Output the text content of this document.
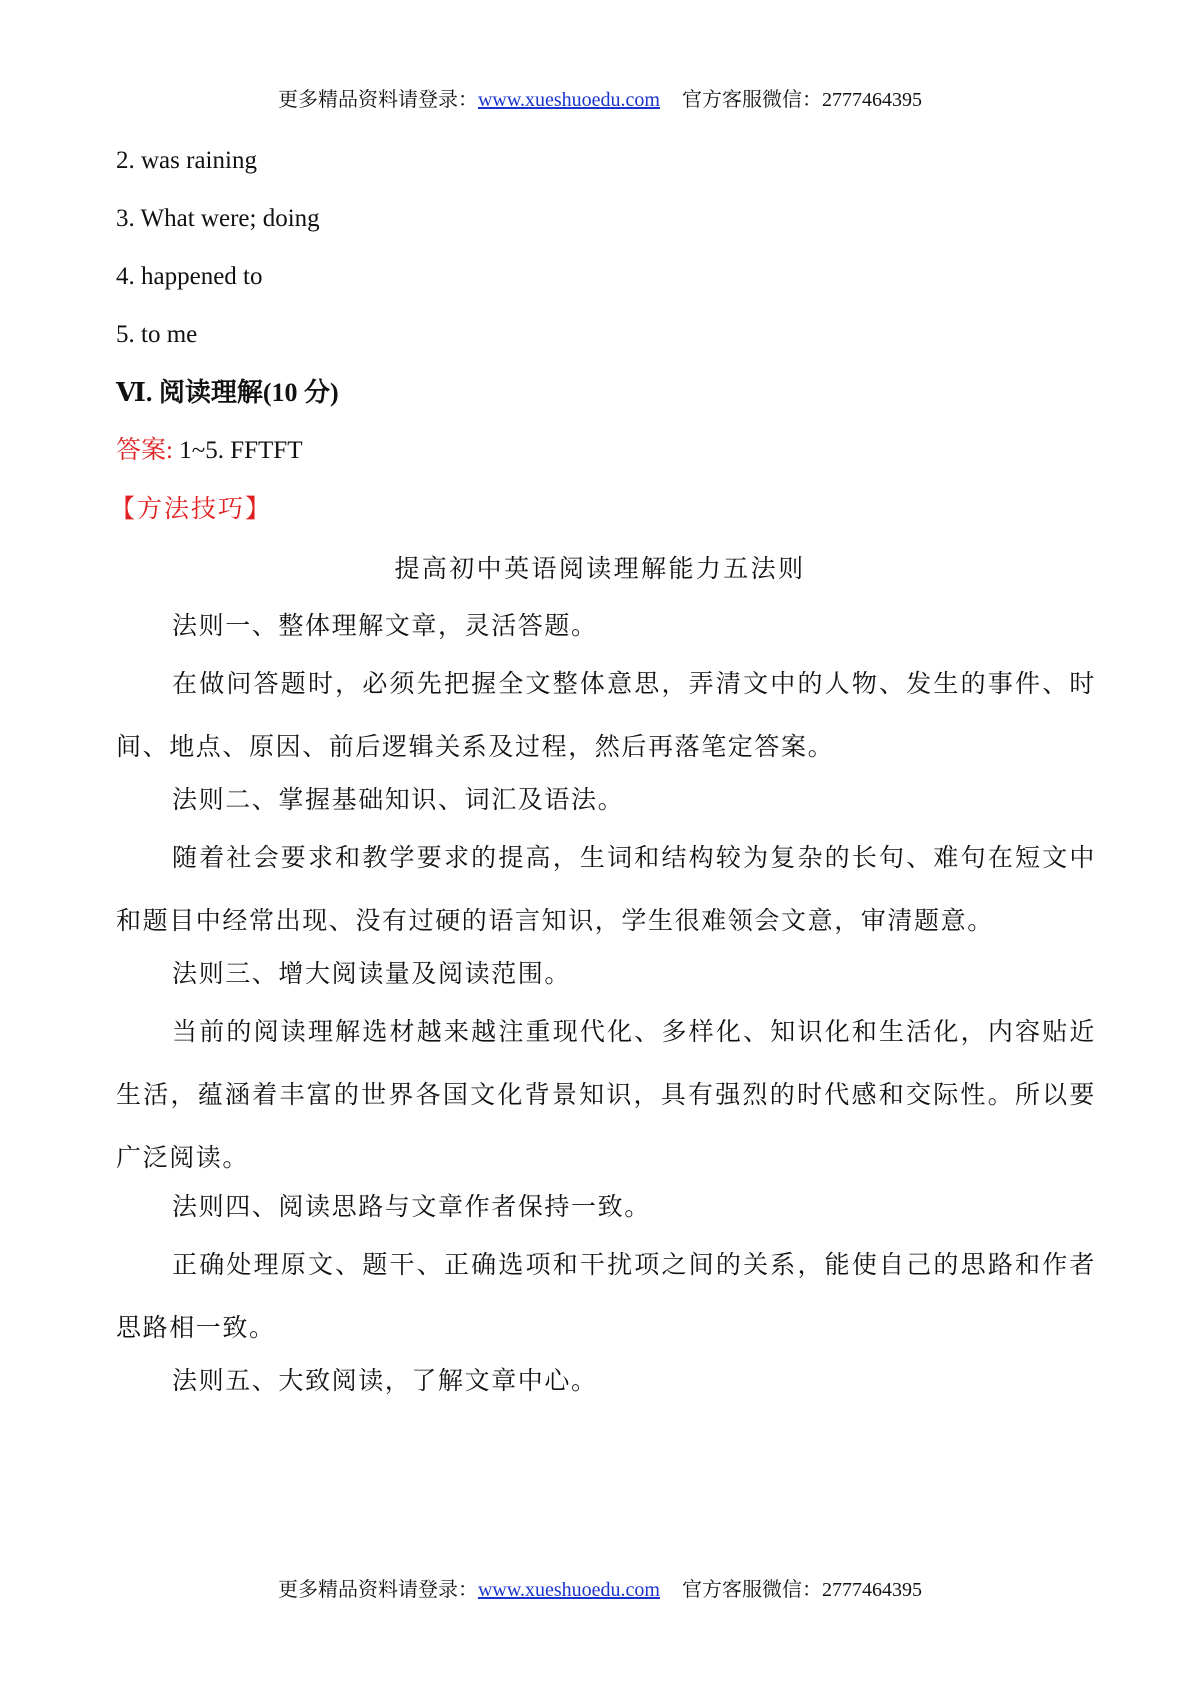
更多精品资料请登录：www.xueshuoedu.com 官方客服微信：2777464395
2. was raining
3. What were; doing
4. happened to
5. to me
Ⅵ. 阅读理解(10 分)
答案: 1~5. FFTFT
【方法技巧】
提高初中英语阅读理解能力五法则
法则一、整体理解文章，灵活答题。
在做问答题时，必须先把握全文整体意思，弄清文中的人物、发生的事件、时间、地点、原因、前后逻辑关系及过程，然后再落笔定答案。
法则二、掌握基础知识、词汇及语法。
随着社会要求和教学要求的提高，生词和结构较为复杂的长句、难句在短文中和题目中经常出现、没有过硬的语言知识，学生很难领会文意，审清题意。
法则三、增大阅读量及阅读范围。
当前的阅读理解选材越来越注重现代化、多样化、知识化和生活化，内容贴近生活，蕴涵着丰富的世界各国文化背景知识，具有强烈的时代感和交际性。所以要广泛阅读。
法则四、阅读思路与文章作者保持一致。
正确处理原文、题干、正确选项和干扰项之间的关系，能使自己的思路和作者思路相一致。
法则五、大致阅读，了解文章中心。
更多精品资料请登录：www.xueshuoedu.com 官方客服微信：2777464395
